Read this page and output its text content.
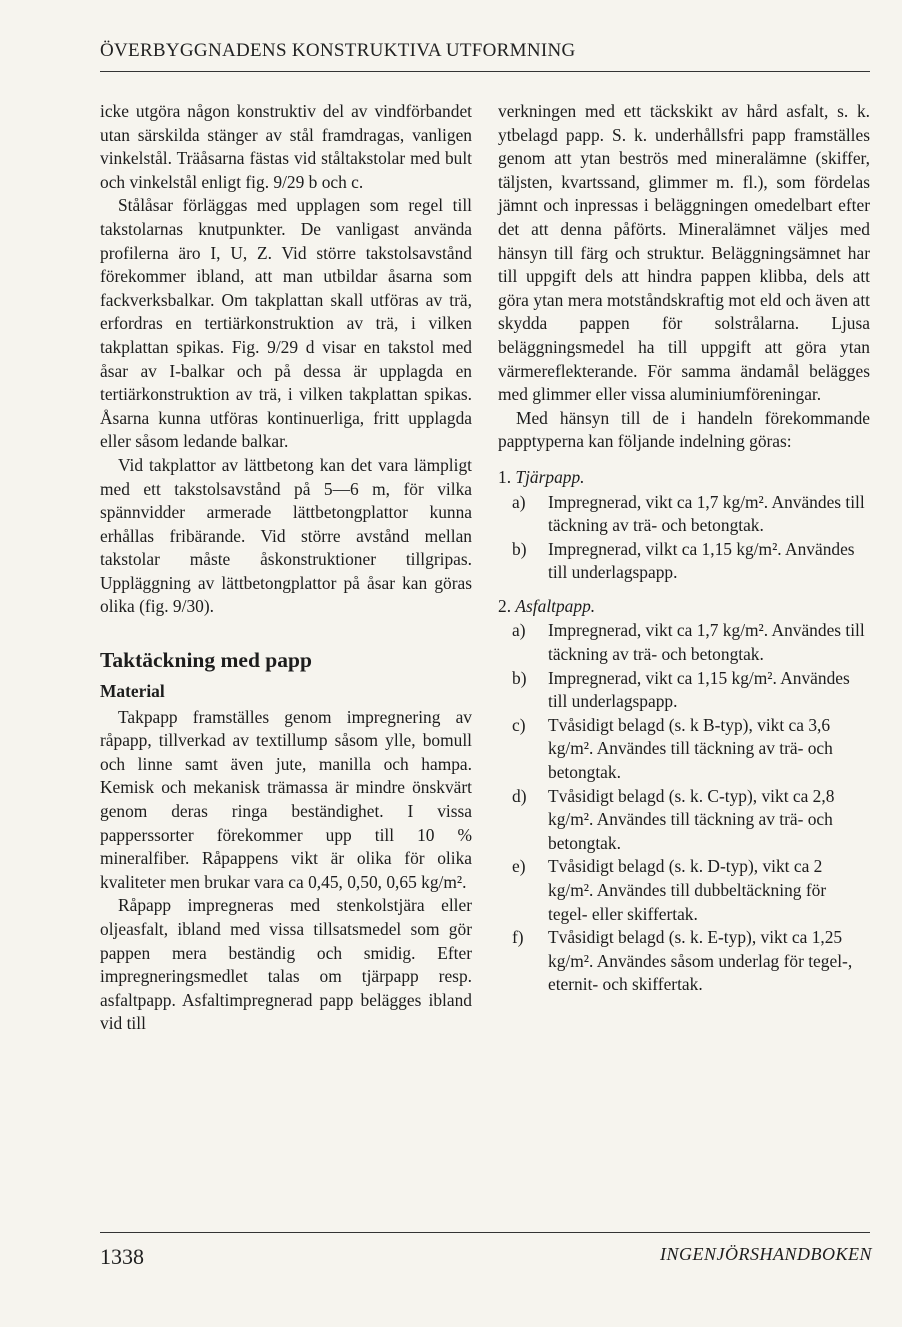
ÖVERBYGGNADENS KONSTRUKTIVA UTFORMNING

icke utgöra någon konstruktiv del av vindförbandet utan särskilda stänger av stål framdragas, vanligen vinkelstål. Träåsarna fästas vid ståltakstolar med bult och vinkelstål enligt fig. 9/29 b och c.

Stålåsar förläggas med upplagen som regel till takstolarnas knutpunkter. De vanligast använda profilerna äro I, U, Z. Vid större takstolsavstånd förekommer ibland, att man utbildar åsarna som fackverksbalkar. Om takplattan skall utföras av trä, erfordras en tertiärkonstruktion av trä, i vilken takplattan spikas. Fig. 9/29 d visar en takstol med åsar av I-balkar och på dessa är upplagda en tertiärkonstruktion av trä, i vilken takplattan spikas. Åsarna kunna utföras kontinuerliga, fritt upplagda eller såsom ledande balkar.

Vid takplattor av lättbetong kan det vara lämpligt med ett takstolsavstånd på 5—6 m, för vilka spännvidder armerade lättbetongplattor kunna erhållas fribärande. Vid större avstånd mellan takstolar måste åskonstruktioner tillgripas. Uppläggning av lättbetongplattor på åsar kan göras olika (fig. 9/30).

Taktäckning med papp
Material

Takpapp framställes genom impregnering av råpapp, tillverkad av textillump såsom ylle, bomull och linne samt även jute, manilla och hampa. Kemisk och mekanisk trämassa är mindre önskvärt genom deras ringa beständighet. I vissa papperssorter förekommer upp till 10 % mineralfiber. Råpappens vikt är olika för olika kvaliteter men brukar vara ca 0,45, 0,50, 0,65 kg/m².

Råpapp impregneras med stenkolstjära eller oljeasfalt, ibland med vissa tillsatsmedel som gör pappen mera beständig och smidig. Efter impregneringsmedlet talas om tjärpapp resp. asfaltpapp. Asfaltimpregnerad papp belägges ibland vid till

verkningen med ett täckskikt av hård asfalt, s. k. ytbelagd papp. S. k. underhållsfri papp framställes genom att ytan beströs med mineralämne (skiffer, täljsten, kvartssand, glimmer m. fl.), som fördelas jämnt och inpressas i beläggningen omedelbart efter det att denna påförts. Mineralämnet väljes med hänsyn till färg och struktur. Beläggningsämnet har till uppgift dels att hindra pappen klibba, dels att göra ytan mera motståndskraftig mot eld och även att skydda pappen för solstrålarna. Ljusa beläggningsmedel ha till uppgift att göra ytan värmereflekterande. För samma ändamål belägges med glimmer eller vissa aluminiumföreningar.

Med hänsyn till de i handeln förekommande papptyperna kan följande indelning göras:

1. Tjärpapp.
a)	Impregnerad, vikt ca 1,7 kg/m². Användes till täckning av trä- och betongtak.
b)	Impregnerad, vilkt ca 1,15 kg/m². Användes till underlagspapp.
2. Asfaltpapp.
a)	Impregnerad, vikt ca 1,7 kg/m². Användes till täckning av trä- och betongtak.
b)	Impregnerad, vikt ca 1,15 kg/m². Användes till underlagspapp.
c)	Tvåsidigt belagd (s. k B-typ), vikt ca 3,6 kg/m². Användes till täckning av trä- och betongtak.
d)	Tvåsidigt belagd (s. k. C-typ), vikt ca 2,8 kg/m². Användes till täckning av trä- och betongtak.
e)	Tvåsidigt belagd (s. k. D-typ), vikt ca 2 kg/m². Användes till dubbeltäckning för tegel- eller skiffertak.
f)	Tvåsidigt belagd (s. k. E-typ), vikt ca 1,25 kg/m². Användes såsom underlag för tegel-, eternit- och skiffertak.
1338	INGENJÖRSHANDBOKEN
